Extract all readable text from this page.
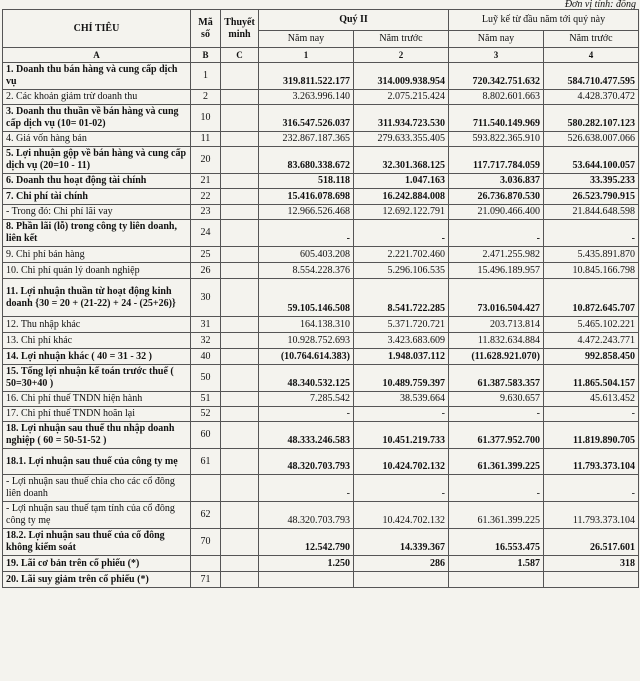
Đơn vị tính: đồng
CHỈ TIÊU	Mã số	Thuyết minh	Quý II		Luỹ kế từ đầu năm tới quý này	
			Năm nay	Năm trước	Năm nay	Năm trước
A	B	C	1	2	3	4
1. Doanh thu bán hàng và cung cấp dịch vụ	1		319.811.522.177	314.009.938.954	720.342.751.632	584.710.477.595
2. Các khoản giảm trừ doanh thu	2		3.263.996.140	2.075.215.424	8.802.601.663	4.428.370.472
3. Doanh thu thuần về bán hàng và cung cấp dịch vụ (10= 01-02)	10		316.547.526.037	311.934.723.530	711.540.149.969	580.282.107.123
4. Giá vốn hàng bán	11		232.867.187.365	279.633.355.405	593.822.365.910	526.638.007.066
5. Lợi nhuận gộp về bán hàng và cung cấp dịch vụ (20=10 - 11)	20		83.680.338.672	32.301.368.125	117.717.784.059	53.644.100.057
6. Doanh thu hoạt động tài chính	21		518.118	1.047.163	3.036.837	33.395.233
7. Chi phí tài chính	22		15.416.078.698	16.242.884.008	26.736.870.530	26.523.790.915
- Trong đó: Chi phí lãi vay	23		12.966.526.468	12.692.122.791	21.090.466.400	21.844.648.598
8. Phần lãi (lỗ) trong công ty liên doanh, liên kết	24		-	-	-	-
9. Chi phí bán hàng	25		605.403.208	2.221.702.460	2.471.255.982	5.435.891.870
10. Chi phí quản lý doanh nghiệp	26		8.554.228.376	5.296.106.535	15.496.189.957	10.845.166.798
11. Lợi nhuận thuần từ hoạt động kinh doanh {30 = 20 + (21-22) + 24 - (25+26)}	30		59.105.146.508	8.541.722.285	73.016.504.427	10.872.645.707
12. Thu nhập khác	31		164.138.310	5.371.720.721	203.713.814	5.465.102.221
13. Chi phí khác	32		10.928.752.693	3.423.683.609	11.832.634.884	4.472.243.771
14. Lợi nhuận khác ( 40 = 31 - 32 )	40		(10.764.614.383)	1.948.037.112	(11.628.921.070)	992.858.450
15. Tổng lợi nhuận kế toán trước thuế ( 50=30+40 )	50		48.340.532.125	10.489.759.397	61.387.583.357	11.865.504.157
16. Chi phí thuế TNDN hiện hành	51		7.285.542	38.539.664	9.630.657	45.613.452
17. Chi phí thuế TNDN hoãn lại	52		-	-	-	-
18. Lợi nhuận sau thuế thu nhập doanh nghiệp ( 60 = 50-51-52 )	60		48.333.246.583	10.451.219.733	61.377.952.700	11.819.890.705
18.1. Lợi nhuận sau thuế của công ty mẹ	61		48.320.703.793	10.424.702.132	61.361.399.225	11.793.373.104
- Lợi nhuận sau thuế chia cho các cổ đông liên doanh			-	-	-	-
- Lợi nhuận sau thuế tạm tính của cổ đông công ty mẹ	62		48.320.703.793	10.424.702.132	61.361.399.225	11.793.373.104
18.2. Lợi nhuận sau thuế của cổ đông không kiểm soát	70		12.542.790	14.339.367	16.553.475	26.517.601
19. Lãi cơ bản trên cổ phiếu (*)			1.250	286	1.587	318
20. Lãi suy giảm trên cổ phiếu (*)	71					
